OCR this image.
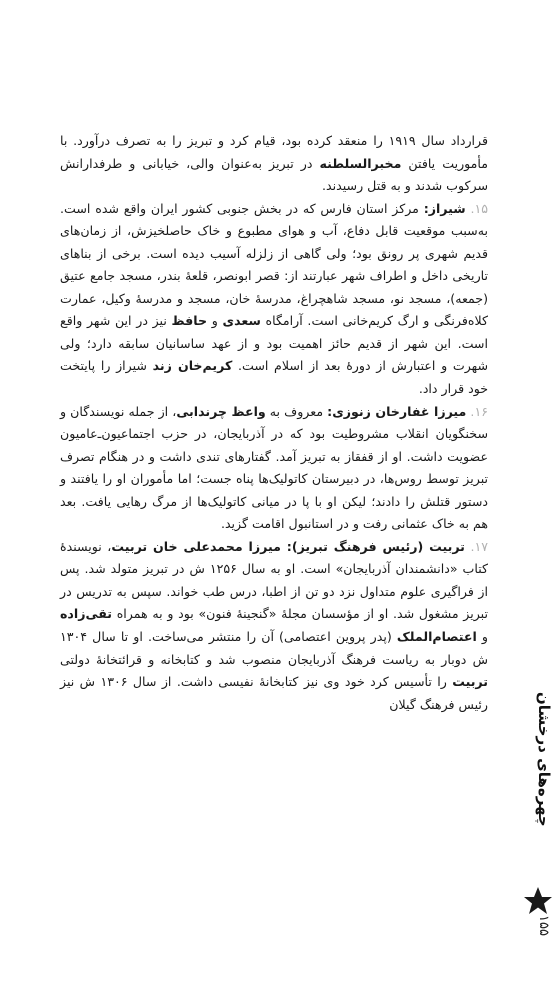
قرارداد سال ۱۹۱۹ را منعقد کرده بود، قیام کرد و تبریز را به تصرف درآورد. با مأموریت یافتن مخبرالسلطنه در تبریز به‌عنوان والی، خیابانی و طرفدارانش سرکوب شدند و به قتل رسیدند.

۱۵. شیراز: مرکز استان فارس که در بخش جنوبی کشور ایران واقع شده است. به‌سبب موقعیت قابل دفاع، آب و هوای مطبوع و خاک حاصلخیزش، از زمان‌های قدیم شهری پر رونق بود؛ ولی گاهی از زلزله آسیب دیده است. برخی از بناهای تاریخی داخل و اطراف شهر عبارتند از: قصر ابونصر، قلعهٔ بندر، مسجد جامع عتیق (جمعه)، مسجد نو، مسجد شاهچراغ، مدرسهٔ خان، مسجد و مدرسهٔ وکیل، عمارت کلاه‌فرنگی و ارگ کریم‌خانی است. آرامگاه سعدی و حافظ نیز در این شهر واقع است. این شهر از قدیم حائز اهمیت بود و از عهد ساسانیان سابقه دارد؛ ولی شهرت و اعتبارش از دورهٔ بعد از اسلام است. کریم‌خان زند شیراز را پایتخت خود قرار داد.

۱۶. میرزا غفارخان زنوزی: معروف به واعظ چرندابی، از جمله نویسندگان و سخنگویان انقلاب مشروطیت بود که در آذربایجان، در حزب اجتماعیون‌ـ‌عامیون عضویت داشت. او از قفقاز به تبریز آمد. گفتارهای تندی داشت و در هنگام تصرف تبریز توسط روس‌ها، در دبیرستان کاتولیک‌ها پناه جست؛ اما مأموران او را یافتند و دستور قتلش را دادند؛ لیکن او با پا در میانی کاتولیک‌ها از مرگ رهایی یافت. بعد هم به خاک عثمانی رفت و در استانبول اقامت گزید.

۱۷. تربیت (رئیس فرهنگ تبریز): میرزا محمدعلی خان تربیت، نویسندهٔ کتاب «دانشمندان آذربایجان» است. او به سال ۱۲۵۶ ش در تبریز متولد شد. پس از فراگیری علوم متداول نزد دو تن از اطبا، درس طب خواند. سپس به تدریس در تبریز مشغول شد. او از مؤسسان مجلهٔ «گنجینهٔ فنون» بود و به همراه تقی‌زاده و اعتصام‌الملک (پدر پروین اعتصامی) آن را منتشر می‌ساخت. او تا سال ۱۳۰۴ ش دوبار به ریاست فرهنگ آذربایجان منصوب شد و کتابخانه و قرائتخانهٔ دولتی تربیت را تأسیس کرد خود وی نیز کتابخانهٔ نفیسی داشت. از سال ۱۳۰۶ ش نیز رئیس فرهنگ گیلان	چهره‌های درخشان
۱۵۵
